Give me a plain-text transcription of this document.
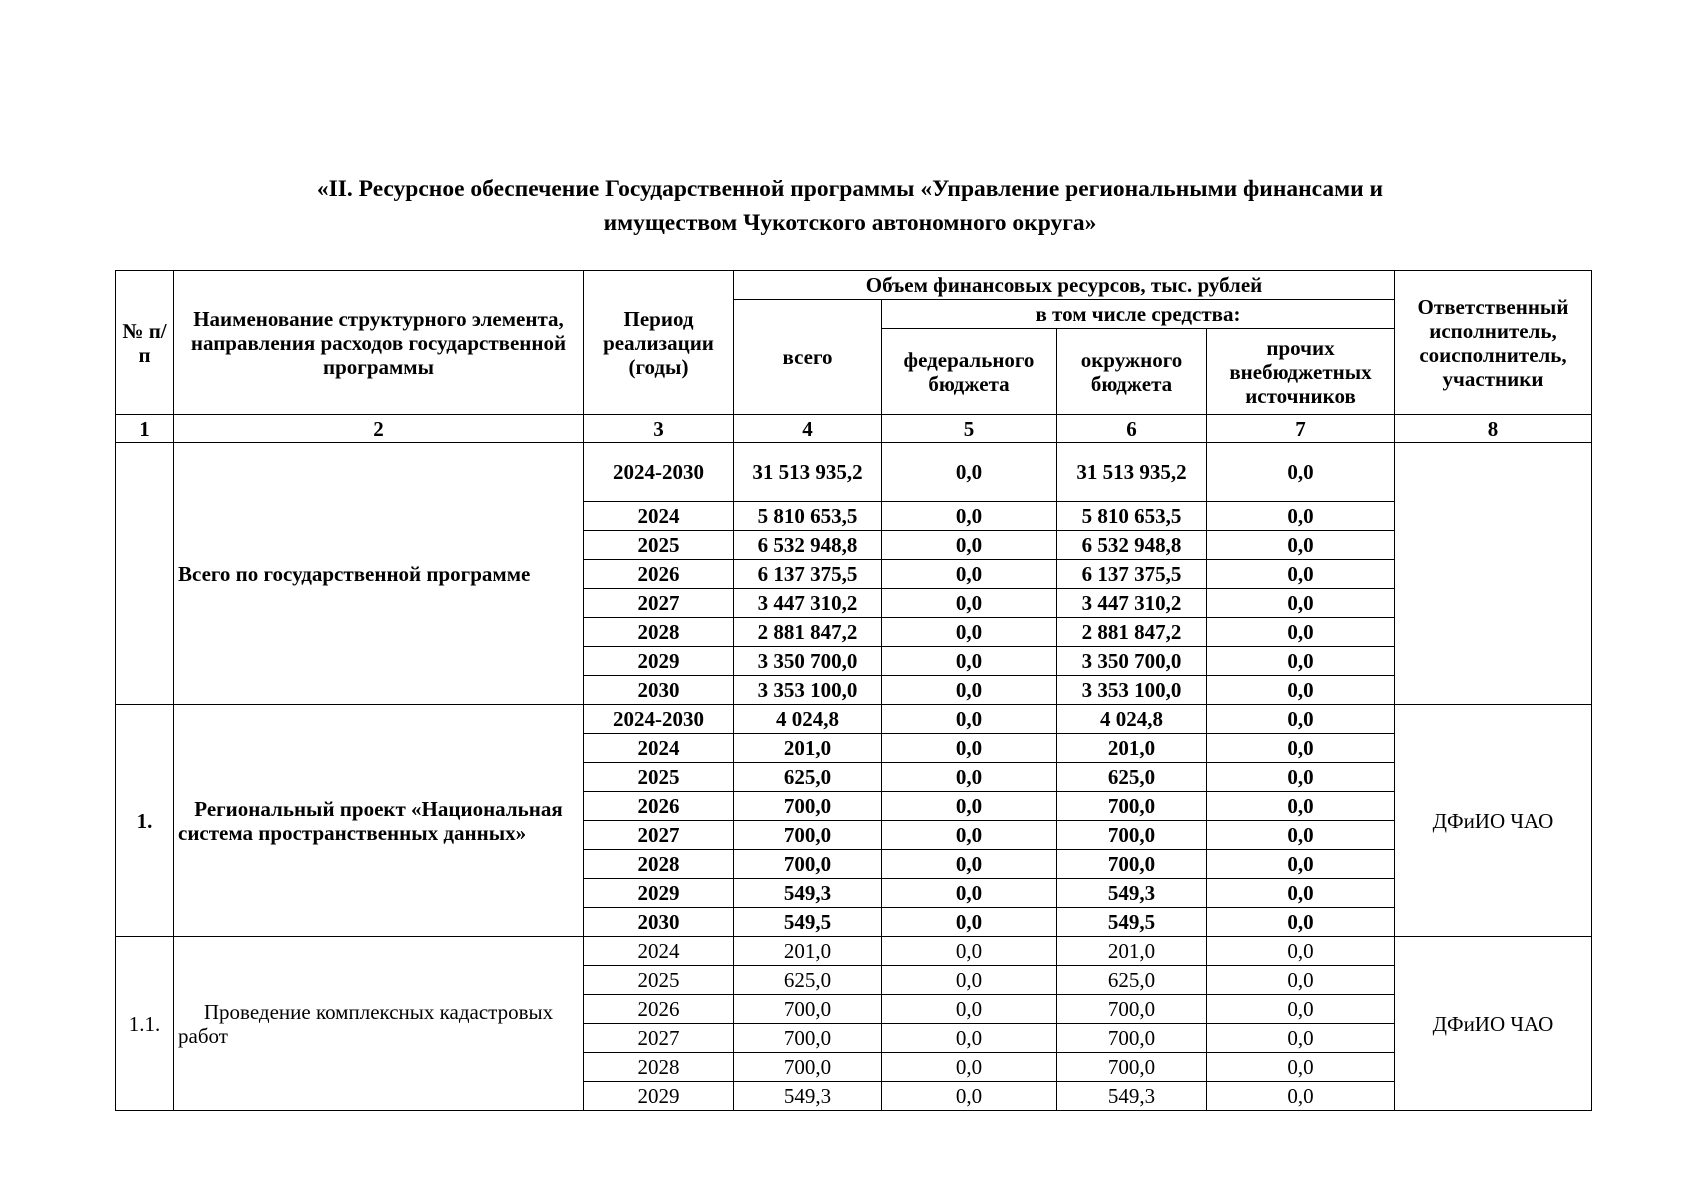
«II. Ресурсное обеспечение Государственной программы «Управление региональными финансами и
имуществом Чукотского автономного округа»
№ п/п	Наименование структурного элемента, направления расходов государственной программы	Период реализации (годы)	Объем финансовых ресурсов, тыс. рублей				Ответственный исполнитель, соисполнитель, участники
			всего	в том числе средства:			
				федерального бюджета	окружного бюджета	прочих внебюджетных источников	
1	2	3	4	5	6	7	8
	Всего по государственной программе	2024-2030	31 513 935,2	0,0	31 513 935,2	0,0	
		2024	5 810 653,5	0,0	5 810 653,5	0,0	
		2025	6 532 948,8	0,0	6 532 948,8	0,0	
		2026	6 137 375,5	0,0	6 137 375,5	0,0	
		2027	3 447 310,2	0,0	3 447 310,2	0,0	
		2028	2 881 847,2	0,0	2 881 847,2	0,0	
		2029	3 350 700,0	0,0	3 350 700,0	0,0	
		2030	3 353 100,0	0,0	3 353 100,0	0,0	
1.	Региональный проект «Национальная система пространственных данных»	2024-2030	4 024,8	0,0	4 024,8	0,0	ДФиИО ЧАО
		2024	201,0	0,0	201,0	0,0	
		2025	625,0	0,0	625,0	0,0	
		2026	700,0	0,0	700,0	0,0	
		2027	700,0	0,0	700,0	0,0	
		2028	700,0	0,0	700,0	0,0	
		2029	549,3	0,0	549,3	0,0	
		2030	549,5	0,0	549,5	0,0	
1.1.	Проведение комплексных кадастровых работ	2024	201,0	0,0	201,0	0,0	ДФиИО ЧАО
		2025	625,0	0,0	625,0	0,0	
		2026	700,0	0,0	700,0	0,0	
		2027	700,0	0,0	700,0	0,0	
		2028	700,0	0,0	700,0	0,0	
		2029	549,3	0,0	549,3	0,0	
